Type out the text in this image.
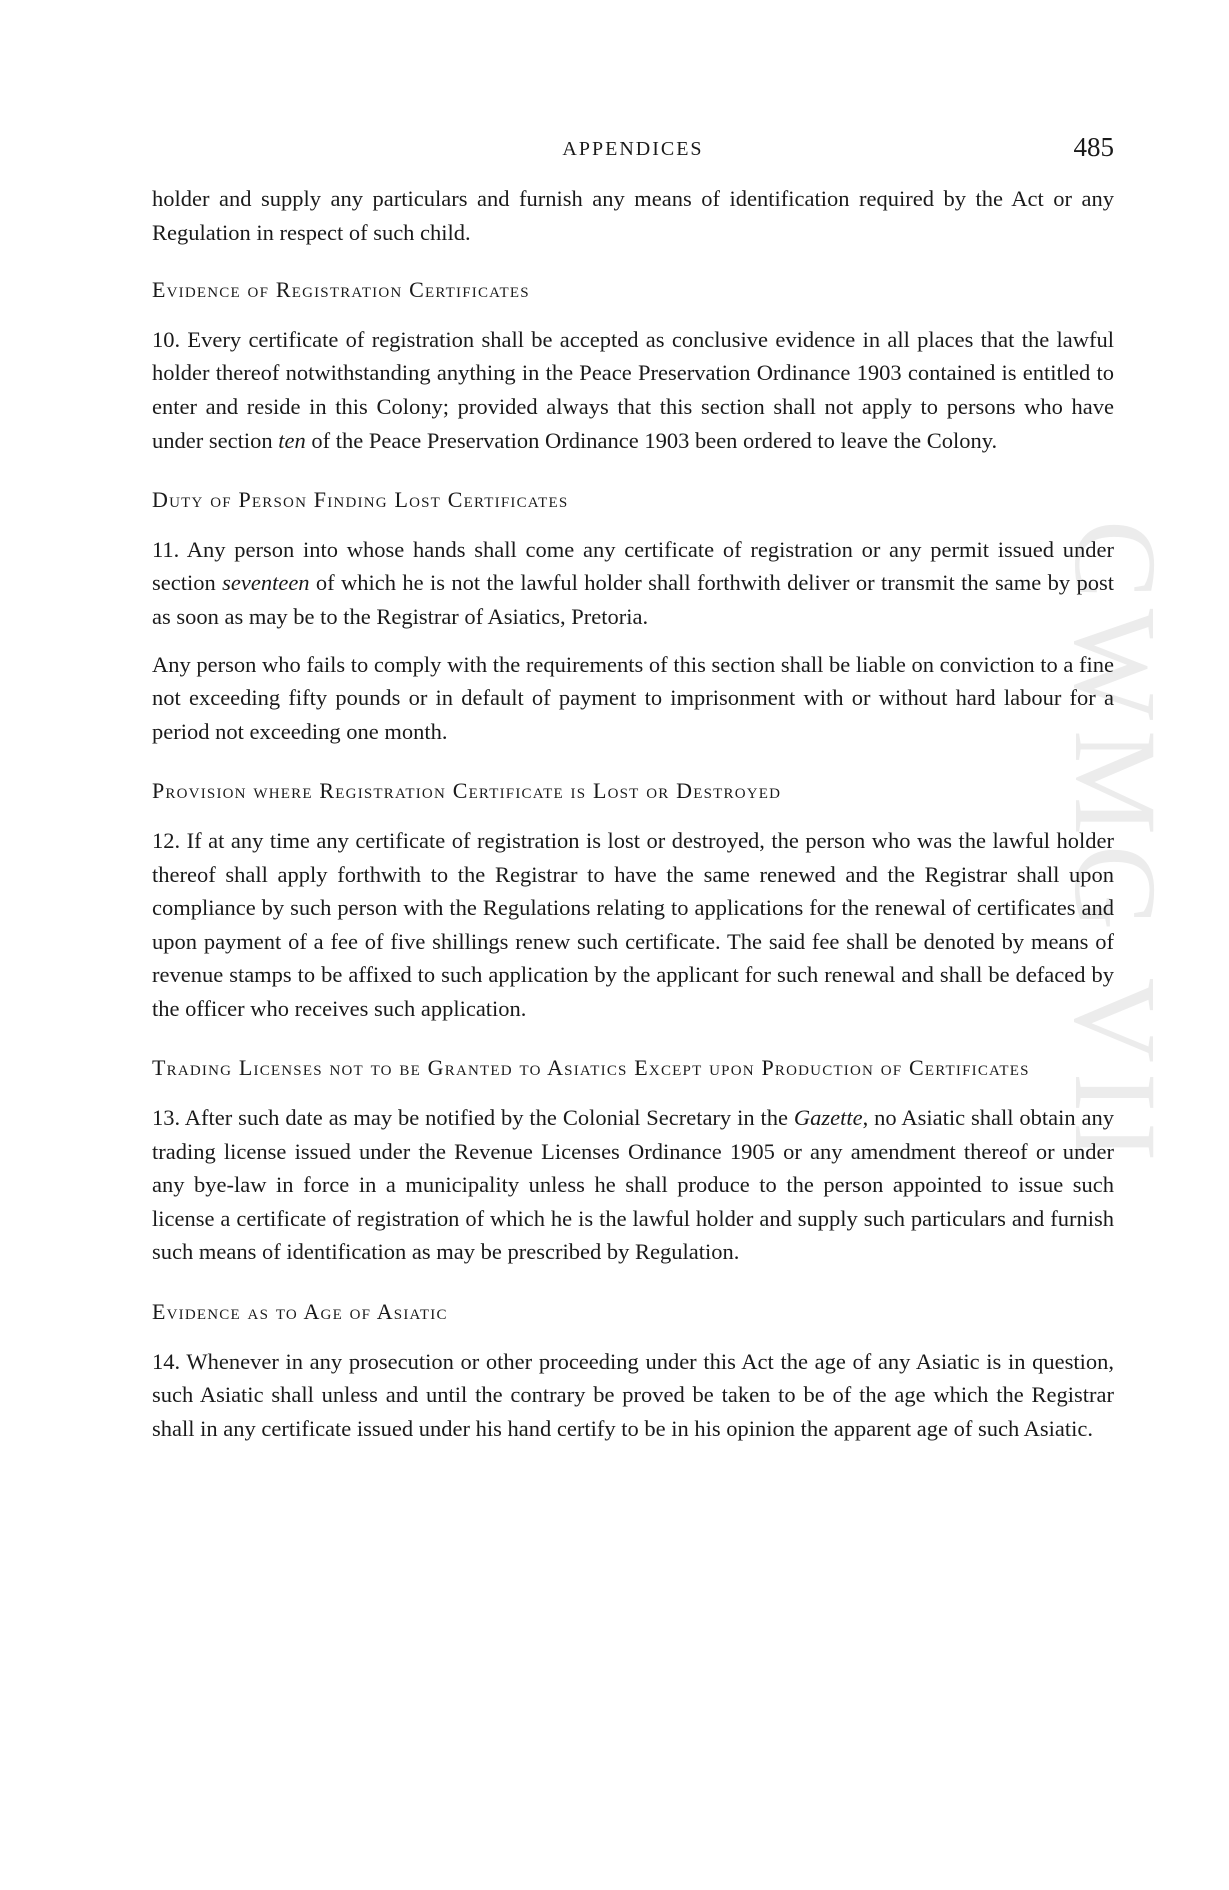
CWMG VII
APPENDICES	485

holder and supply any particulars and furnish any means of identification required by the Act or any Regulation in respect of such child.

Evidence of Registration Certificates

10. Every certificate of registration shall be accepted as conclusive evidence in all places that the lawful holder thereof notwithstanding anything in the Peace Preservation Ordinance 1903 contained is entitled to enter and reside in this Colony; provided always that this section shall not apply to persons who have under section ten of the Peace Preservation Ordinance 1903 been ordered to leave the Colony.

Duty of Person Finding Lost Certificates

11. Any person into whose hands shall come any certificate of registration or any permit issued under section seventeen of which he is not the lawful holder shall forthwith deliver or transmit the same by post as soon as may be to the Registrar of Asiatics, Pretoria.

Any person who fails to comply with the requirements of this section shall be liable on conviction to a fine not exceeding fifty pounds or in default of payment to imprisonment with or without hard labour for a period not exceeding one month.

Provision where Registration Certificate is Lost or Destroyed

12. If at any time any certificate of registration is lost or destroyed, the person who was the lawful holder thereof shall apply forthwith to the Registrar to have the same renewed and the Registrar shall upon compliance by such person with the Regulations relating to applications for the renewal of certificates and upon payment of a fee of five shillings renew such certificate. The said fee shall be denoted by means of revenue stamps to be affixed to such application by the applicant for such renewal and shall be defaced by the officer who receives such application.

Trading Licenses not to be Granted to Asiatics Except upon Production of Certificates

13. After such date as may be notified by the Colonial Secretary in the Gazette, no Asiatic shall obtain any trading license issued under the Revenue Licenses Ordinance 1905 or any amendment thereof or under any bye-law in force in a municipality unless he shall produce to the person appointed to issue such license a certificate of registration of which he is the lawful holder and supply such particulars and furnish such means of identification as may be prescribed by Regulation.

Evidence as to Age of Asiatic

14. Whenever in any prosecution or other proceeding under this Act the age of any Asiatic is in question, such Asiatic shall unless and until the contrary be proved be taken to be of the age which the Registrar shall in any certificate issued under his hand certify to be in his opinion the apparent age of such Asiatic.
